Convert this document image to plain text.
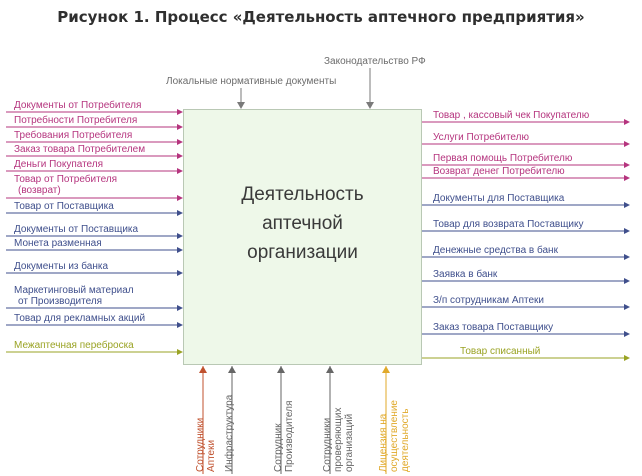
Рисунок 1. Процесс «Деятельность аптечного предприятия»
Законодательство РФ
Локальные нормативные документы
Деятельность
аптечной
организации
Документы от Потребителя
Потребности Потребителя
Требования Потребителя
Заказ товара Потребителем
Деньги Покупателя
Товар от Потребителя
(возврат)
Товар от Поставщика
Документы от Поставщика
Монета разменная
Документы из банка
Маркетинговый материал
от Производителя
Товар для рекламных акций
Межаптечная переброска
Товар , кассовый чек Покупателю
Услуги Потребителю
Первая помощь Потребителю
Возврат денег Потребителю
Документы для Поставщика
Товар для возврата Поставщику
Денежные средства в банк
Заявка в банк
З/п сотрудникам Аптеки
Заказ товара Поставщику
Товар списанный
Сотрудники Аптеки Инфраструктура	Сотрудник Производителя	Сотрудники проверяющих организаций Лицензия на осуществление деятельность
